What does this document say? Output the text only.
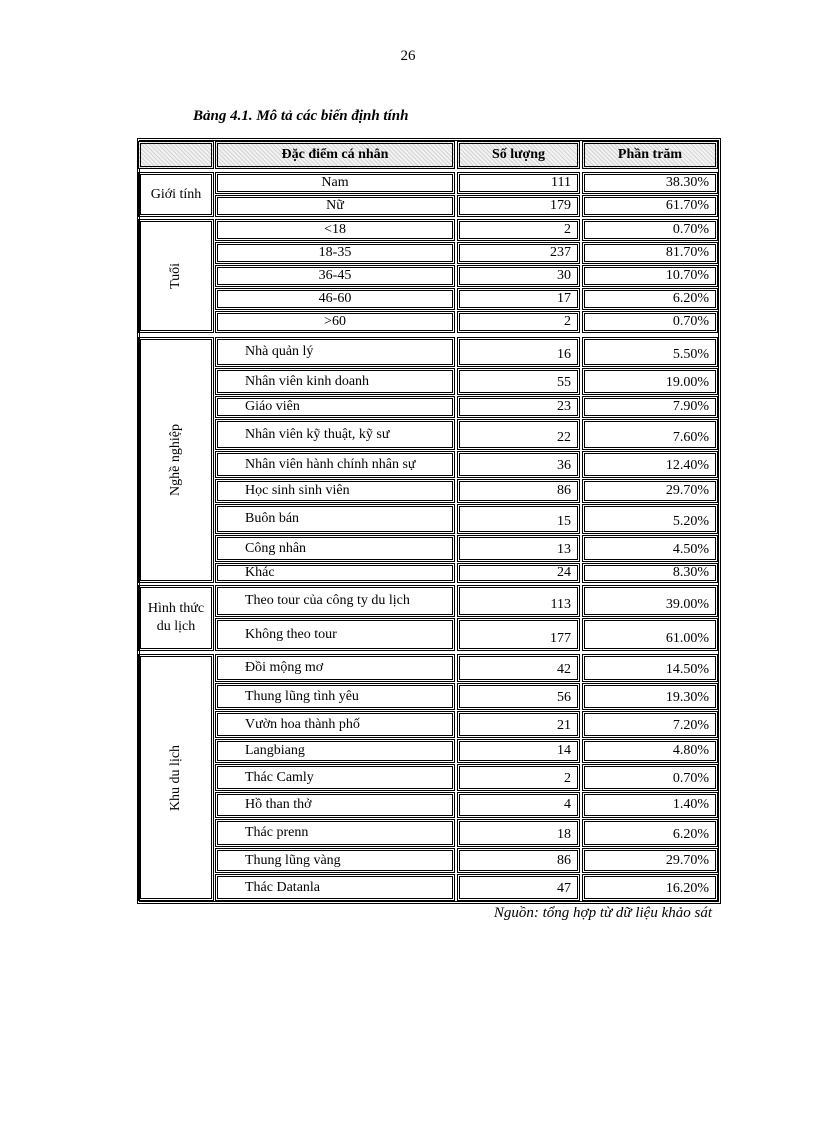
26
Bảng 4.1. Mô tả các biến định tính
Đặc điểm cá nhân	Số lượng	Phần trăm
Giới tính
Nam	111	38.30%
Nữ	179	61.70%
Tuổi
<18	2	0.70%
18-35	237	81.70%
36-45	30	10.70%
46-60	17	6.20%
>60	2	0.70%
Nghề nghiệp
Nhà quản lý	16	5.50%
Nhân viên kinh doanh	55	19.00%
Giáo viên	23	7.90%
Nhân viên kỹ thuật, kỹ sư	22	7.60%
Nhân viên hành chính nhân sự	36	12.40%
Học sinh sinh viên	86	29.70%
Buôn bán	15	5.20%
Công nhân	13	4.50%
Khác	24	8.30%
Hình thức du lịch
Theo tour của công ty du lịch	113	39.00%
Không theo tour	177	61.00%
Khu du lịch
Đồi mộng mơ	42	14.50%
Thung lũng tình yêu	56	19.30%
Vườn hoa thành phố	21	7.20%
Langbiang	14	4.80%
Thác Camly	2	0.70%
Hồ than thở	4	1.40%
Thác prenn	18	6.20%
Thung lũng vàng	86	29.70%
Thác Datanla	47	16.20%
Nguồn: tổng hợp từ dữ liệu khảo sát
